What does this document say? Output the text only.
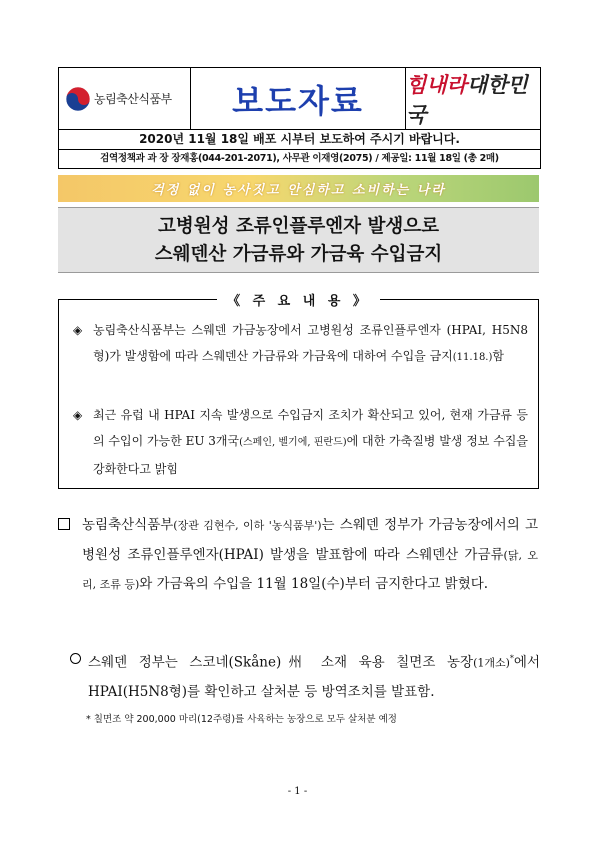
농림축산식품부 보도자료 힘내라대한민국
2020년 11월 18일 배포 시부터 보도하여 주시기 바랍니다.
검역정책과 과 장 장재홍(044-201-2071), 사무관 이재영(2075) / 제공일: 11월 18일 (총 2매)
걱정 없이 농사짓고 안심하고 소비하는 나라
고병원성 조류인플루엔자 발생으로
스웨덴산 가금류와 가금육 수입금지
《 주 요 내 용 》
◈ 농림축산식품부는 스웨덴 가금농장에서 고병원성 조류인플루엔자 (HPAI, H5N8형)가 발생함에 따라 스웨덴산 가금류와 가금육에 대하여 수입을 금지(11.18.)함
◈ 최근 유럽 내 HPAI 지속 발생으로 수입금지 조치가 확산되고 있어, 현재 가금류 등의 수입이 가능한 EU 3개국(스페인, 벨기에, 핀란드)에 대한 가축질병 발생 정보 수집을 강화한다고 밝힘
농림축산식품부(장관 김현수, 이하 '농식품부')는 스웨덴 정부가 가금농장에서의 고병원성 조류인플루엔자(HPAI) 발생을 발표함에 따라 스웨덴산 가금류(닭, 오리, 조류 등)와 가금육의 수입을 11월 18일(수)부터 금지한다고 밝혔다.
스웨덴 정부는 스코네(Skåne)州 소재 육용 칠면조 농장(1개소)*에서 HPAI(H5N8형)를 확인하고 살처분 등 방역조치를 발표함.
* 칠면조 약 200,000 마리(12주령)를 사육하는 농장으로 모두 살처분 예정
- 1 -
